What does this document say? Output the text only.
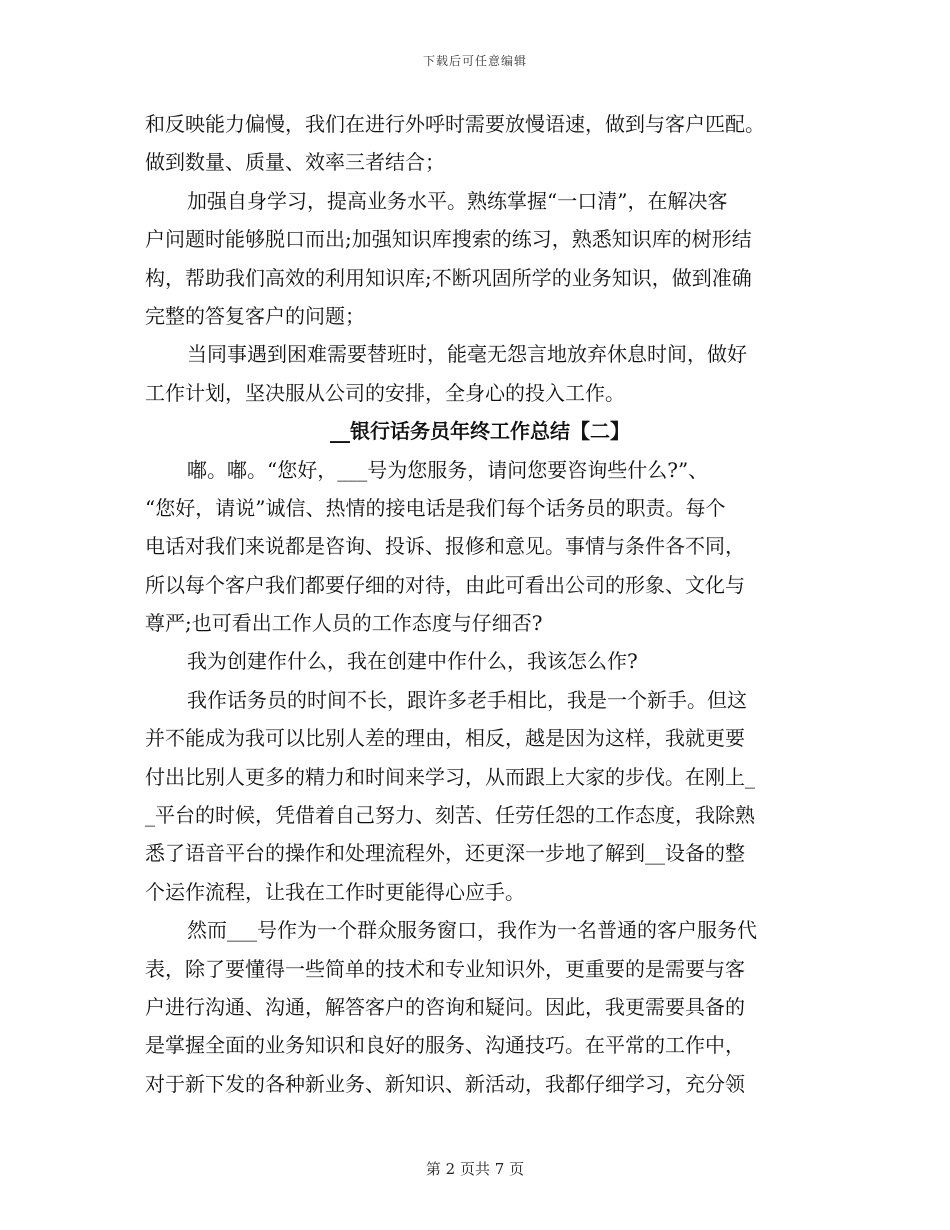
下载后可任意编辑
和反映能力偏慢，我们在进行外呼时需要放慢语速，做到与客户匹配。
做到数量、质量、效率三者结合；
加强自身学习，提高业务水平。熟练掌握“一口清”，在解决客
户问题时能够脱口而出;加强知识库搜索的练习，熟悉知识库的树形结
构，帮助我们高效的利用知识库;不断巩固所学的业务知识，做到准确
完整的答复客户的问题；
当同事遇到困难需要替班时，能毫无怨言地放弃休息时间，做好
工作计划，坚决服从公司的安排，全身心的投入工作。
__银行话务员年终工作总结【二】
嘟。嘟。“您好，___号为您服务，请问您要咨询些什么?”、
“您好，请说”诚信、热情的接电话是我们每个话务员的职责。每个
电话对我们来说都是咨询、投诉、报修和意见。事情与条件各不同，
所以每个客户我们都要仔细的对待，由此可看出公司的形象、文化与
尊严;也可看出工作人员的工作态度与仔细否?
我为创建作什么，我在创建中作什么，我该怎么作?
我作话务员的时间不长，跟许多老手相比，我是一个新手。但这
并不能成为我可以比别人差的理由，相反，越是因为这样，我就更要
付出比别人更多的精力和时间来学习，从而跟上大家的步伐。在刚上_
_平台的时候，凭借着自己努力、刻苦、任劳任怨的工作态度，我除熟
悉了语音平台的操作和处理流程外，还更深一步地了解到__设备的整
个运作流程，让我在工作时更能得心应手。
然而___号作为一个群众服务窗口，我作为一名普通的客户服务代
表，除了要懂得一些简单的技术和专业知识外，更重要的是需要与客
户进行沟通、沟通，解答客户的咨询和疑问。因此，我更需要具备的
是掌握全面的业务知识和良好的服务、沟通技巧。在平常的工作中，
对于新下发的各种新业务、新知识、新活动，我都仔细学习，充分领
第 2 页共 7 页
